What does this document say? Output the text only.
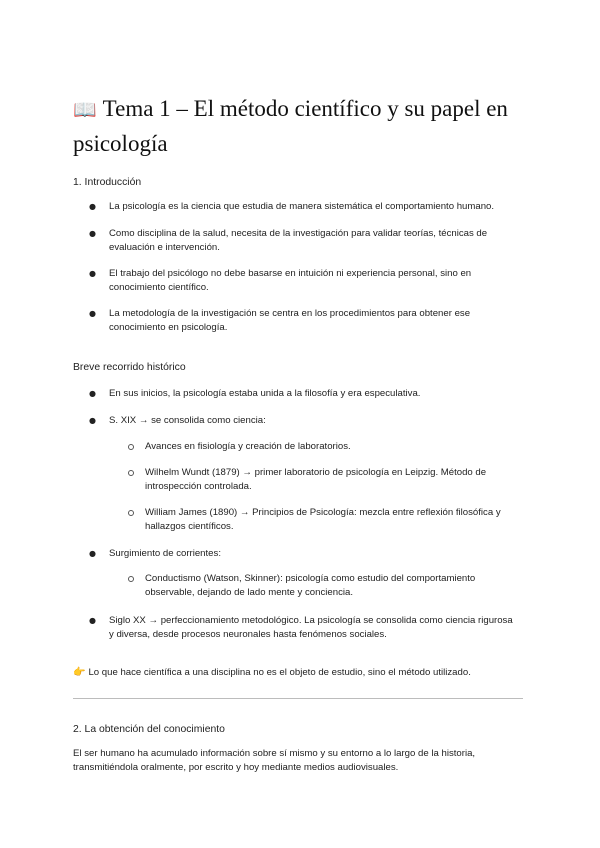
📖 Tema 1 – El método científico y su papel en psicología
1. Introducción
● La psicología es la ciencia que estudia de manera sistemática el comportamiento humano.
● Como disciplina de la salud, necesita de la investigación para validar teorías, técnicas de evaluación e intervención.
● El trabajo del psicólogo no debe basarse en intuición ni experiencia personal, sino en conocimiento científico.
● La metodología de la investigación se centra en los procedimientos para obtener ese conocimiento en psicología.
Breve recorrido histórico
● En sus inicios, la psicología estaba unida a la filosofía y era especulativa.
● S. XIX → se consolida como ciencia:
Avances en fisiología y creación de laboratorios.
Wilhelm Wundt (1879) → primer laboratorio de psicología en Leipzig. Método de introspección controlada.
William James (1890) → Principios de Psicología: mezcla entre reflexión filosófica y hallazgos científicos.
● Surgimiento de corrientes:
Conductismo (Watson, Skinner): psicología como estudio del comportamiento observable, dejando de lado mente y conciencia.
● Siglo XX → perfeccionamiento metodológico. La psicología se consolida como ciencia rigurosa y diversa, desde procesos neuronales hasta fenómenos sociales.
👉 Lo que hace científica a una disciplina no es el objeto de estudio, sino el método utilizado.
2. La obtención del conocimiento
El ser humano ha acumulado información sobre sí mismo y su entorno a lo largo de la historia, transmitiéndola oralmente, por escrito y hoy mediante medios audiovisuales.
